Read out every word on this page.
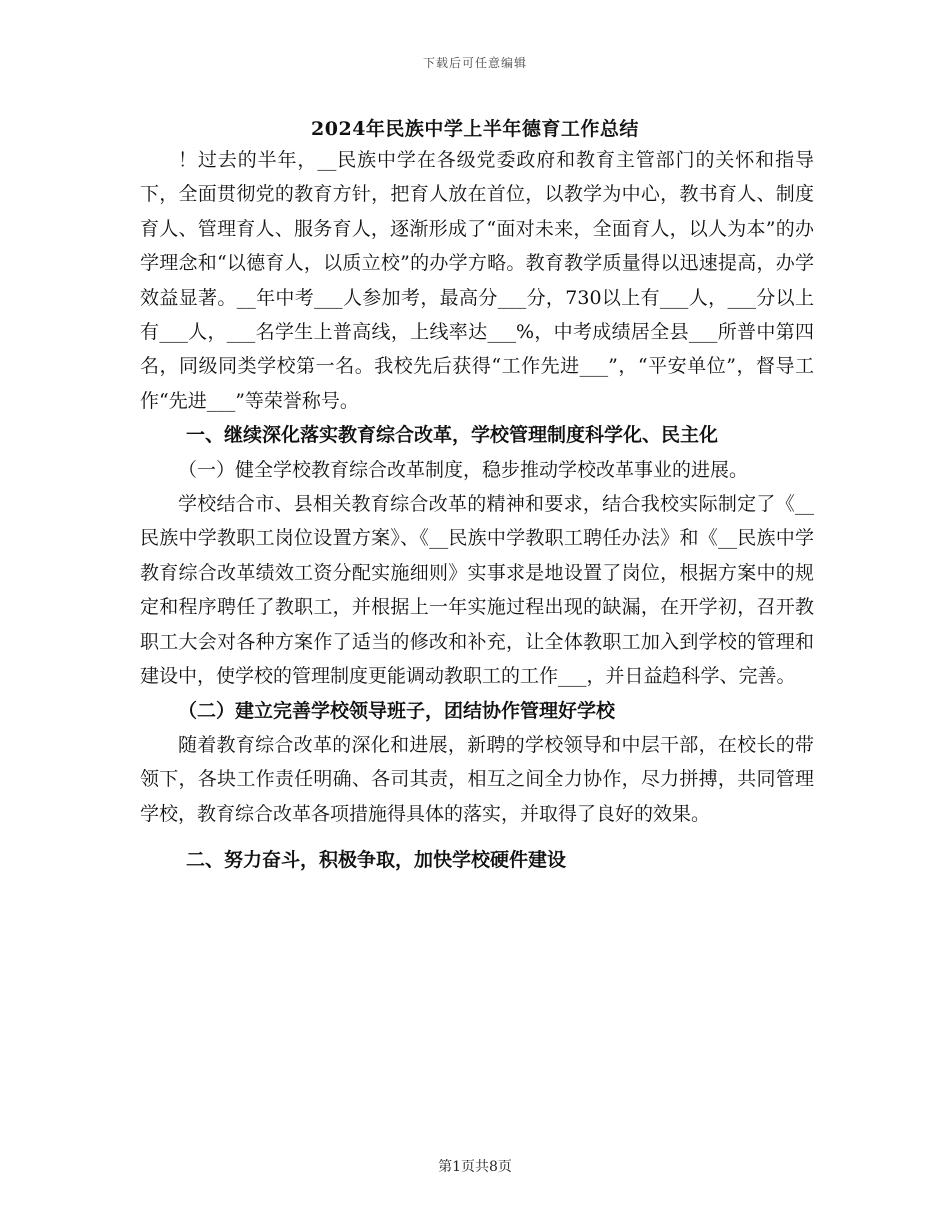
下载后可任意编辑
2024年民族中学上半年德育工作总结

！过去的半年，__民族中学在各级党委政府和教育主管部门的关怀和指导下，全面贯彻党的教育方针，把育人放在首位，以教学为中心，教书育人、制度育人、管理育人、服务育人，逐渐形成了“面对未来，全面育人，以人为本”的办学理念和“以德育人，以质立校”的办学方略。教育教学质量得以迅速提高，办学效益显著。__年中考___人参加考，最高分___分，730以上有___人，___分以上有___人，___名学生上普高线，上线率达___%，中考成绩居全县___所普中第四名，同级同类学校第一名。我校先后获得“工作先进___”，“平安单位”，督导工作“先进___”等荣誉称号。

一、继续深化落实教育综合改革，学校管理制度科学化、民主化

（一）健全学校教育综合改革制度，稳步推动学校改革事业的进展。

学校结合市、县相关教育综合改革的精神和要求，结合我校实际制定了《__民族中学教职工岗位设置方案》、《__民族中学教职工聘任办法》和《__民族中学教育综合改革绩效工资分配实施细则》实事求是地设置了岗位，根据方案中的规定和程序聘任了教职工，并根据上一年实施过程出现的缺漏，在开学初，召开教职工大会对各种方案作了适当的修改和补充，让全体教职工加入到学校的管理和建设中，使学校的管理制度更能调动教职工的工作___，并日益趋科学、完善。

（二）建立完善学校领导班子，团结协作管理好学校

随着教育综合改革的深化和进展，新聘的学校领导和中层干部，在校长的带领下，各块工作责任明确、各司其责，相互之间全力协作，尽力拼搏，共同管理学校，教育综合改革各项措施得具体的落实，并取得了良好的效果。

二、努力奋斗，积极争取，加快学校硬件建设

第1页共8页
